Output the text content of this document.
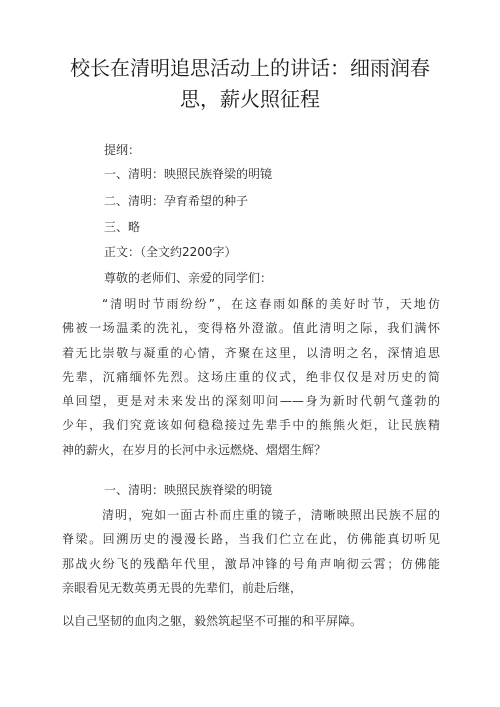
校长在清明追思活动上的讲话：细雨润春思，薪火照征程
提纲：
一、清明：映照民族脊梁的明镜
二、清明：孕育希望的种子
三、略
正文：（全文约2200字）
尊敬的老师们、亲爱的同学们：
“清明时节雨纷纷”，在这春雨如酥的美好时节，天地仿
佛被一场温柔的洗礼，变得格外澄澈。值此清明之际，我们满怀
着无比崇敬与凝重的心情，齐聚在这里，以清明之名，深情追思
先辈，沉痛缅怀先烈。这场庄重的仪式，绝非仅仅是对历史的简
单回望，更是对未来发出的深刻叩问——身为新时代朝气蓬勃的
少年，我们究竟该如何稳稳接过先辈手中的熊熊火炬，让民族精
神的薪火，在岁月的长河中永远燃烧、熠熠生辉？
一、清明：映照民族脊梁的明镜
清明，宛如一面古朴而庄重的镜子，清晰映照出民族不屈的
脊梁。回溯历史的漫漫长路，当我们伫立在此，仿佛能真切听见
那战火纷飞的残酷年代里，激昂冲锋的号角声响彻云霄；仿佛能
亲眼看见无数英勇无畏的先辈们，前赴后继，
以自己坚韧的血肉之躯，毅然筑起坚不可摧的和平屏障。
